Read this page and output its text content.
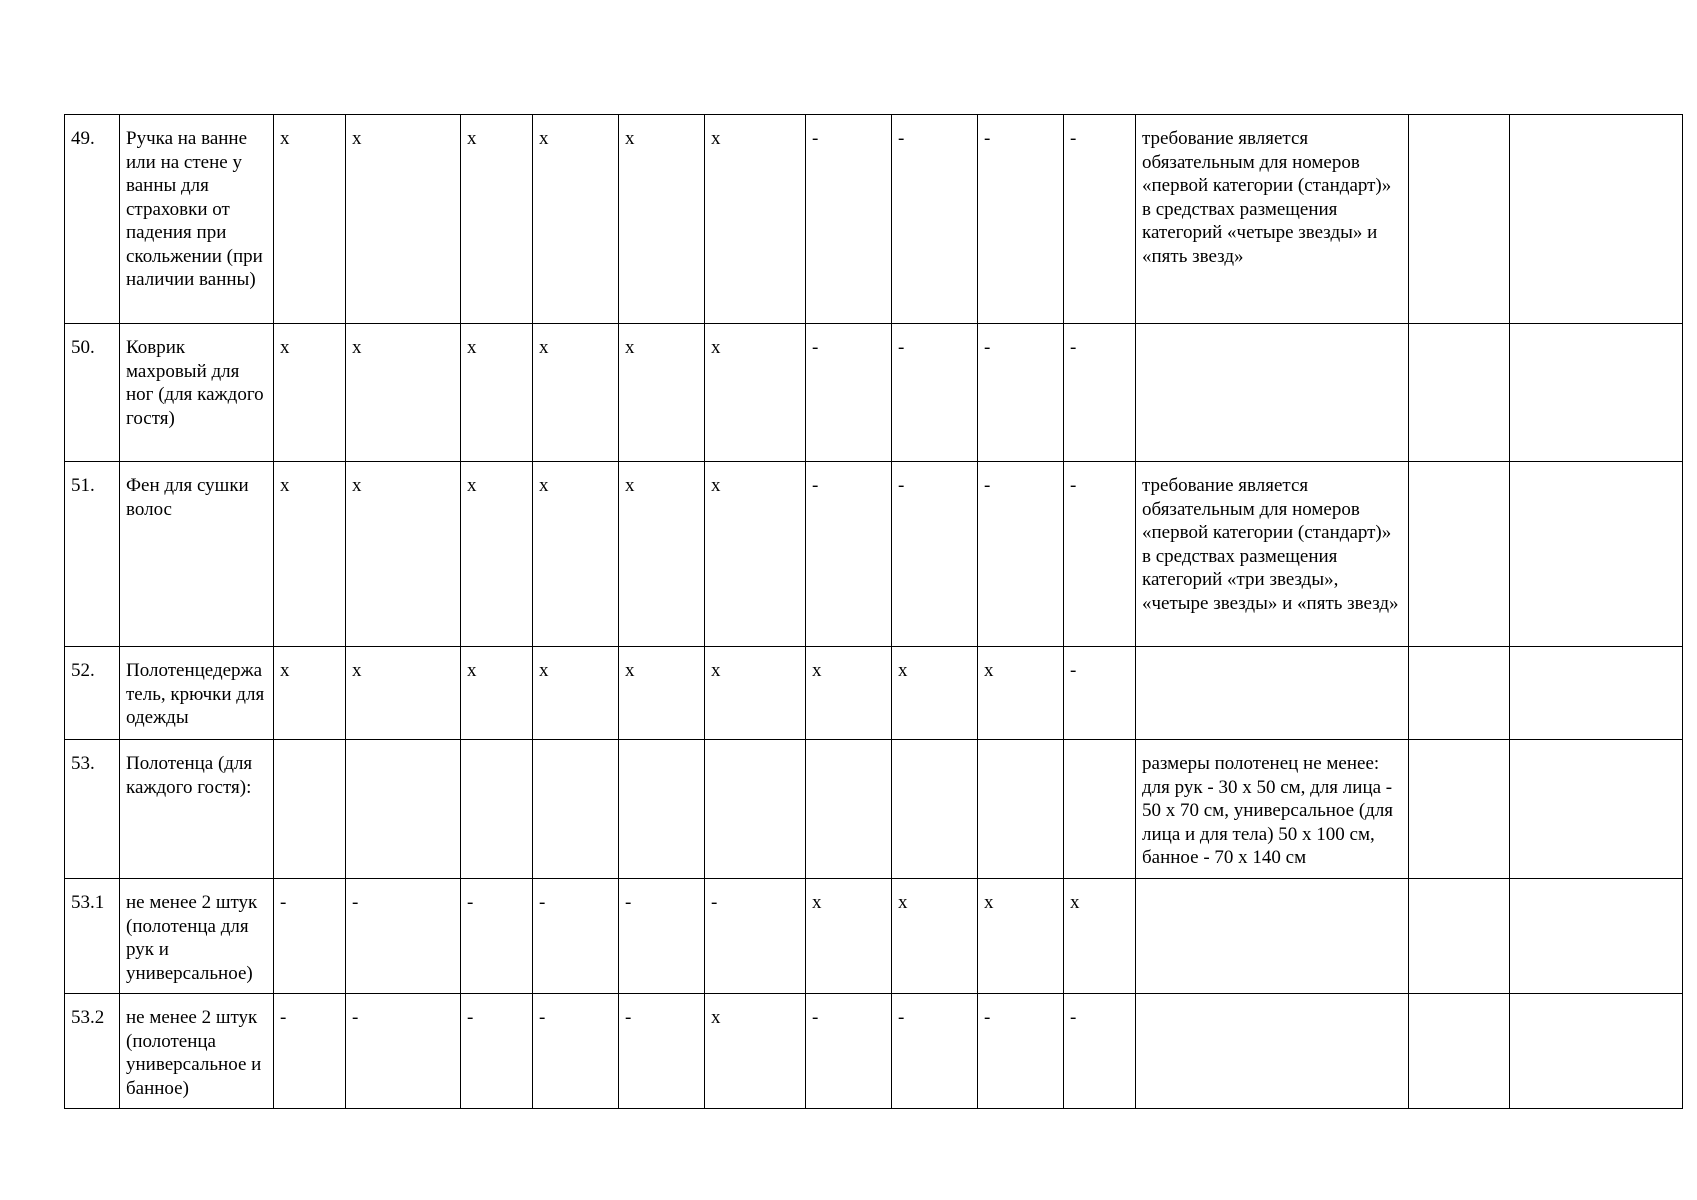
49.	Ручка на ванне или на стене у ванны для страховки от падения при скольжении (при наличии ванны)	x	x	x	x	x	x	-	-	-	-	требование является обязательным для номеров «первой категории (стандарт)» в средствах размещения категорий «четыре звезды» и «пять звезд»		
50.	Коврик махровый для ног (для каждого гостя)	x	x	x	x	x	x	-	-	-	-			
51.	Фен для сушки волос	x	x	x	x	x	x	-	-	-	-	требование является обязательным для номеров «первой категории (стандарт)» в средствах размещения категорий «три звезды», «четыре звезды» и «пять звезд»		
52.	Полотенцедержатель, крючки для одежды	x	x	x	x	x	x	x	x	x	-			
53.	Полотенца (для каждого гостя):											размеры полотенец не менее: для рук - 30 х 50 см, для лица - 50 х 70 см, универсальное (для лица и для тела) 50 х 100 см, банное - 70 х 140 см		
53.1	не менее 2 штук (полотенца для рук и универсальное)	-	-	-	-	-	-	x	x	x	x			
53.2	не менее 2 штук (полотенца универсальное и банное)	-	-	-	-	-	x	-	-	-	-			
